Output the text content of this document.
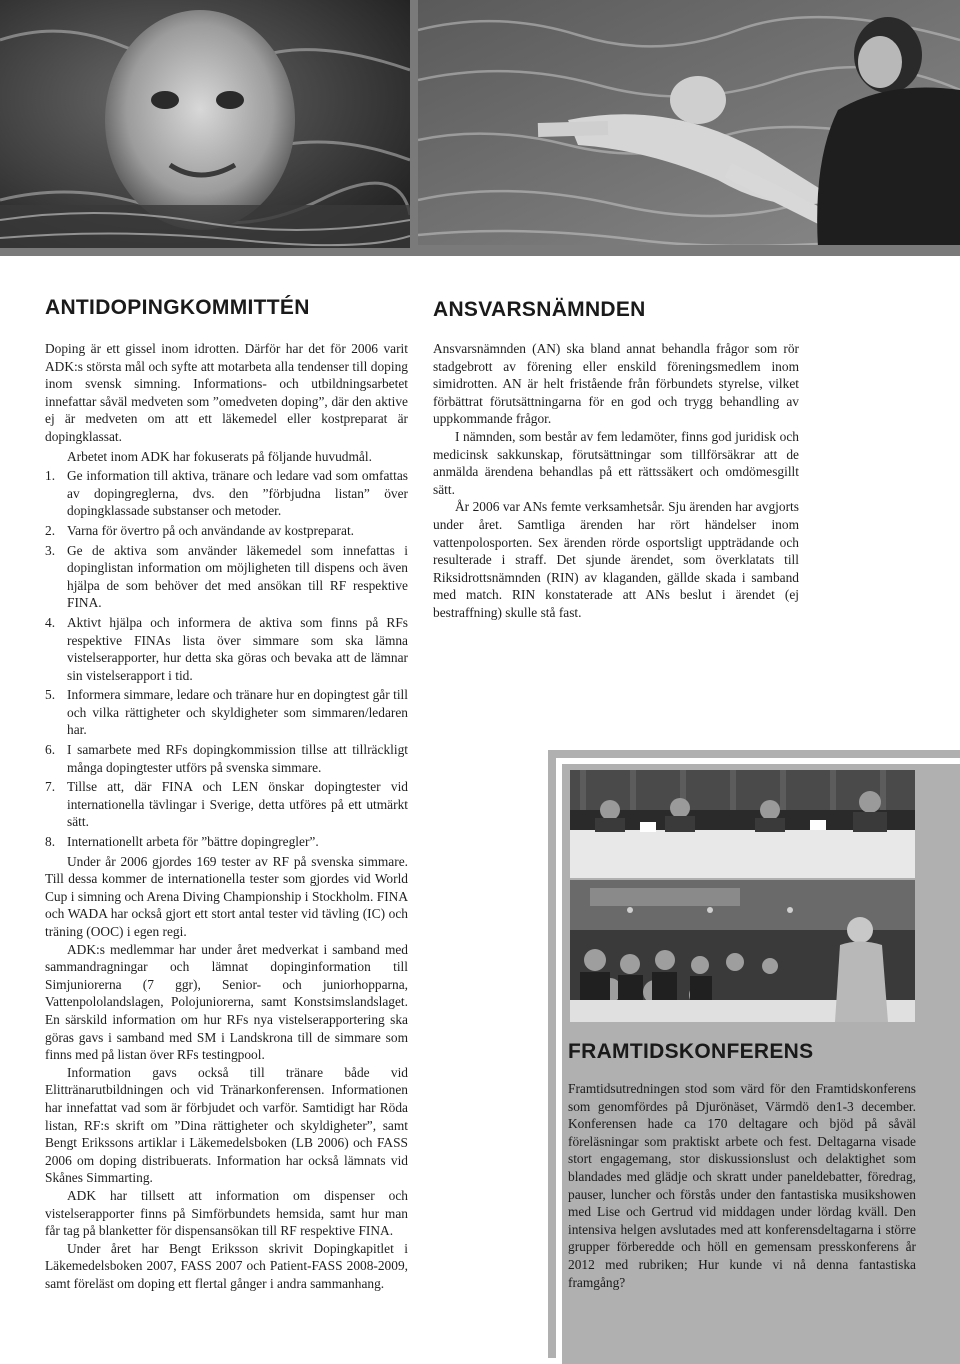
ANTIDOPINGKOMMITTÉN

Doping är ett gissel inom idrotten. Därför har det för 2006 varit ADK:s största mål och syfte att motarbeta alla tendenser till doping inom svensk simning. Informations- och utbildningsarbetet innefattar såväl medveten som ”omedveten doping”, där den aktive ej är medveten om att ett läkemedel eller kostpreparat är dopingklassat.

Arbetet inom ADK har fokuserats på följande huvudmål.

1. Ge information till aktiva, tränare och ledare vad som omfattas av dopingreglerna, dvs. den ”förbjudna listan” över dopingklassade substanser och metoder.
2. Varna för övertro på och användande av kostpreparat.
3. Ge de aktiva som använder läkemedel som innefattas i dopinglistan information om möjligheten till dispens och även hjälpa de som behöver det med ansökan till RF respektive FINA.
4. Aktivt hjälpa och informera de aktiva som finns på RFs respektive FINAs lista över simmare som ska lämna vistelserapporter, hur detta ska göras och bevaka att de lämnar sin vistelserapport i tid.
5. Informera simmare, ledare och tränare hur en dopingtest går till och vilka rättigheter och skyldigheter som simmaren/ledaren har.
6. I samarbete med RFs dopingkommission tillse att tillräckligt många dopingtester utförs på svenska simmare.
7. Tillse att, där FINA och LEN önskar dopingtester vid internationella tävlingar i Sverige, detta utföres på ett utmärkt sätt.
8. Internationellt arbeta för ”bättre dopingregler”.

Under år 2006 gjordes 169 tester av RF på svenska simmare. Till dessa kommer de internationella tester som gjordes vid World Cup i simning och Arena Diving Championship i Stockholm. FINA och WADA har också gjort ett stort antal tester vid tävling (IC) och träning (OOC) i egen regi.

ADK:s medlemmar har under året medverkat i samband med sammandragningar och lämnat dopinginformation till Simjuniorerna (7 ggr), Senior- och juniorhopparna, Vattenpololandslagen, Polojuniorerna, samt Konstsimslandslaget. En särskild information om hur RFs nya vistelserapportering ska göras gavs i samband med SM i Landskrona till de simmare som finns med på listan över RFs testingpool.

Information gavs också till tränare både vid Elittränarutbildningen och vid Tränarkonferensen. Informationen har innefattat vad som är förbjudet och varför. Samtidigt har Röda listan, RF:s skrift om ”Dina rättigheter och skyldigheter”, samt Bengt Erikssons artiklar i Läkemedelsboken (LB 2006) och FASS 2006 om doping distribuerats. Information har också lämnats vid Skånes Simmarting.

ADK har tillsett att information om dispenser och vistelserapporter finns på Simförbundets hemsida, samt hur man får tag på blanketter för dispensansökan till RF respektive FINA.

Under året har Bengt Eriksson skrivit Dopingkapitlet i Läkemedelsboken 2007, FASS 2007 och Patient-FASS 2008-2009, samt föreläst om doping ett flertal gånger i andra sammanhang.

ANSVARSNÄMNDEN

Ansvarsnämnden (AN) ska bland annat behandla frågor som rör stadgebrott av förening eller enskild föreningsmedlem inom simidrotten. AN är helt fristående från förbundets styrelse, vilket förbättrat förutsättningarna för en god och trygg behandling av uppkommande frågor.

I nämnden, som består av fem ledamöter, finns god juridisk och medicinsk sakkunskap, förutsättningar som tillförsäkrar att de anmälda ärendena behandlas på ett rättssäkert och omdömesgillt sätt.

År 2006 var ANs femte verksamhetsår. Sju ärenden har avgjorts under året. Samtliga ärenden har rört händelser inom vattenpolosporten. Sex ärenden rörde osportsligt uppträdande och resulterade i straff. Det sjunde ärendet, som överklatats till Riksidrottsnämnden (RIN) av klaganden, gällde skada i samband med match. RIN konstaterade att ANs beslut i ärendet (ej bestraffning) skulle stå fast.

FRAMTIDSKONFERENS

Framtidsutredningen stod som värd för den Framtidskonferens som genomfördes på Djurönäset, Värmdö den1-3 december. Konferensen hade ca 170 deltagare och bjöd på såväl föreläsningar som praktiskt arbete och fest. Deltagarna visade stort engagemang, stor diskussionslust och delaktighet som blandades med glädje och skratt under paneldebatter, föredrag, pauser, luncher och förstås under den fantastiska musikshowen med Lise och Gertrud vid middagen under lördag kväll. Den intensiva helgen avslutades med att konferensdeltagarna i större grupper förberedde och höll en gemensam presskonferens år 2012 med rubriken; Hur kunde vi nå denna fantastiska framgång?
